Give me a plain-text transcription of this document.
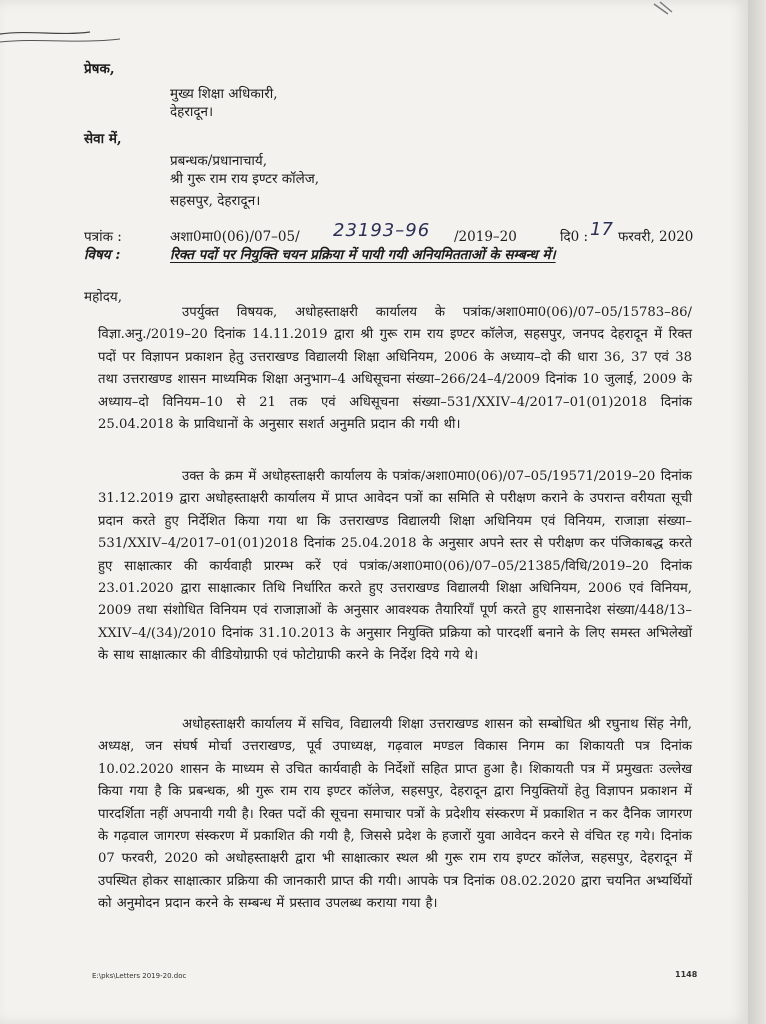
प्रेषक,
मुख्य शिक्षा अधिकारी,
देहरादून।
सेवा में,
प्रबन्धक/प्रधानाचार्य,
श्री गुरू राम राय इण्टर कॉलेज,
सहसपुर, देहरादून।
पत्रांक :	अशा0मा0(06)/07–05/ 23193–96 /2019–20	दि0 : 17 फरवरी, 2020
विषय :	रिक्त पदों पर नियुक्ति चयन प्रक्रिया में पायी गयी अनियमितताओं के सम्बन्ध में।
महोदय,
उपर्युक्त विषयक, अधोहस्ताक्षरी कार्यालय के पत्रांक/अशा0मा0(06)/07–05/15783–86/विज्ञा.अनु./2019–20 दिनांक 14.11.2019 द्वारा श्री गुरू राम राय इण्टर कॉलेज, सहसपुर, जनपद देहरादून में रिक्त पदों पर विज्ञापन प्रकाशन हेतु उत्तराखण्ड विद्यालयी शिक्षा अधिनियम, 2006 के अध्याय–दो की धारा 36, 37 एवं 38 तथा उत्तराखण्ड शासन माध्यमिक शिक्षा अनुभाग–4 अधिसूचना संख्या–266/24–4/2009 दिनांक 10 जुलाई, 2009 के अध्याय–दो विनियम–10 से 21 तक एवं अधिसूचना संख्या–531/XXIV–4/2017–01(01)2018 दिनांक 25.04.2018 के प्राविधानों के अनुसार सशर्त अनुमति प्रदान की गयी थी।
उक्त के क्रम में अधोहस्ताक्षरी कार्यालय के पत्रांक/अशा0मा0(06)/07–05/19571/2019–20 दिनांक 31.12.2019 द्वारा अधोहस्ताक्षरी कार्यालय में प्राप्त आवेदन पत्रों का समिति से परीक्षण कराने के उपरान्त वरीयता सूची प्रदान करते हुए निर्देशित किया गया था कि उत्तराखण्ड विद्यालयी शिक्षा अधिनियम एवं विनियम, राजाज्ञा संख्या–531/XXIV–4/2017–01(01)2018 दिनांक 25.04.2018 के अनुसार अपने स्तर से परीक्षण कर पंजिकाबद्ध करते हुए साक्षात्कार की कार्यवाही प्रारम्भ करें एवं पत्रांक/अशा0मा0(06)/07–05/21385/विधि/2019–20 दिनांक 23.01.2020 द्वारा साक्षात्कार तिथि निर्धारित करते हुए उत्तराखण्ड विद्यालयी शिक्षा अधिनियम, 2006 एवं विनियम, 2009 तथा संशोधित विनियम एवं राजाज्ञाओं के अनुसार आवश्यक तैयारियाँ पूर्ण करते हुए शासनादेश संख्या/448/13–XXIV–4/(34)/2010 दिनांक 31.10.2013 के अनुसार नियुक्ति प्रक्रिया को पारदर्शी बनाने के लिए समस्त अभिलेखों के साथ साक्षात्कार की वीडियोग्राफी एवं फोटोग्राफी करने के निर्देश दिये गये थे।
अधोहस्ताक्षरी कार्यालय में सचिव, विद्यालयी शिक्षा उत्तराखण्ड शासन को सम्बोधित श्री रघुनाथ सिंह नेगी, अध्यक्ष, जन संघर्ष मोर्चा उत्तराखण्ड, पूर्व उपाध्यक्ष, गढ़वाल मण्डल विकास निगम का शिकायती पत्र दिनांक 10.02.2020 शासन के माध्यम से उचित कार्यवाही के निर्देशों सहित प्राप्त हुआ है। शिकायती पत्र में प्रमुखतः उल्लेख किया गया है कि प्रबन्धक, श्री गुरू राम राय इण्टर कॉलेज, सहसपुर, देहरादून द्वारा नियुक्तियों हेतु विज्ञापन प्रकाशन में पारदर्शिता नहीं अपनायी गयी है। रिक्त पदों की सूचना समाचार पत्रों के प्रदेशीय संस्करण में प्रकाशित न कर दैनिक जागरण के गढ़वाल जागरण संस्करण में प्रकाशित की गयी है, जिससे प्रदेश के हजारों युवा आवेदन करने से वंचित रह गये। दिनांक 07 फरवरी, 2020 को अधोहस्ताक्षरी द्वारा भी साक्षात्कार स्थल श्री गुरू राम राय इण्टर कॉलेज, सहसपुर, देहरादून में उपस्थित होकर साक्षात्कार प्रक्रिया की जानकारी प्राप्त की गयी। आपके पत्र दिनांक 08.02.2020 द्वारा चयनित अभ्यर्थियों को अनुमोदन प्रदान करने के सम्बन्ध में प्रस्ताव उपलब्ध कराया गया है।
E:\pks\Letters 2019-20.doc	1148
